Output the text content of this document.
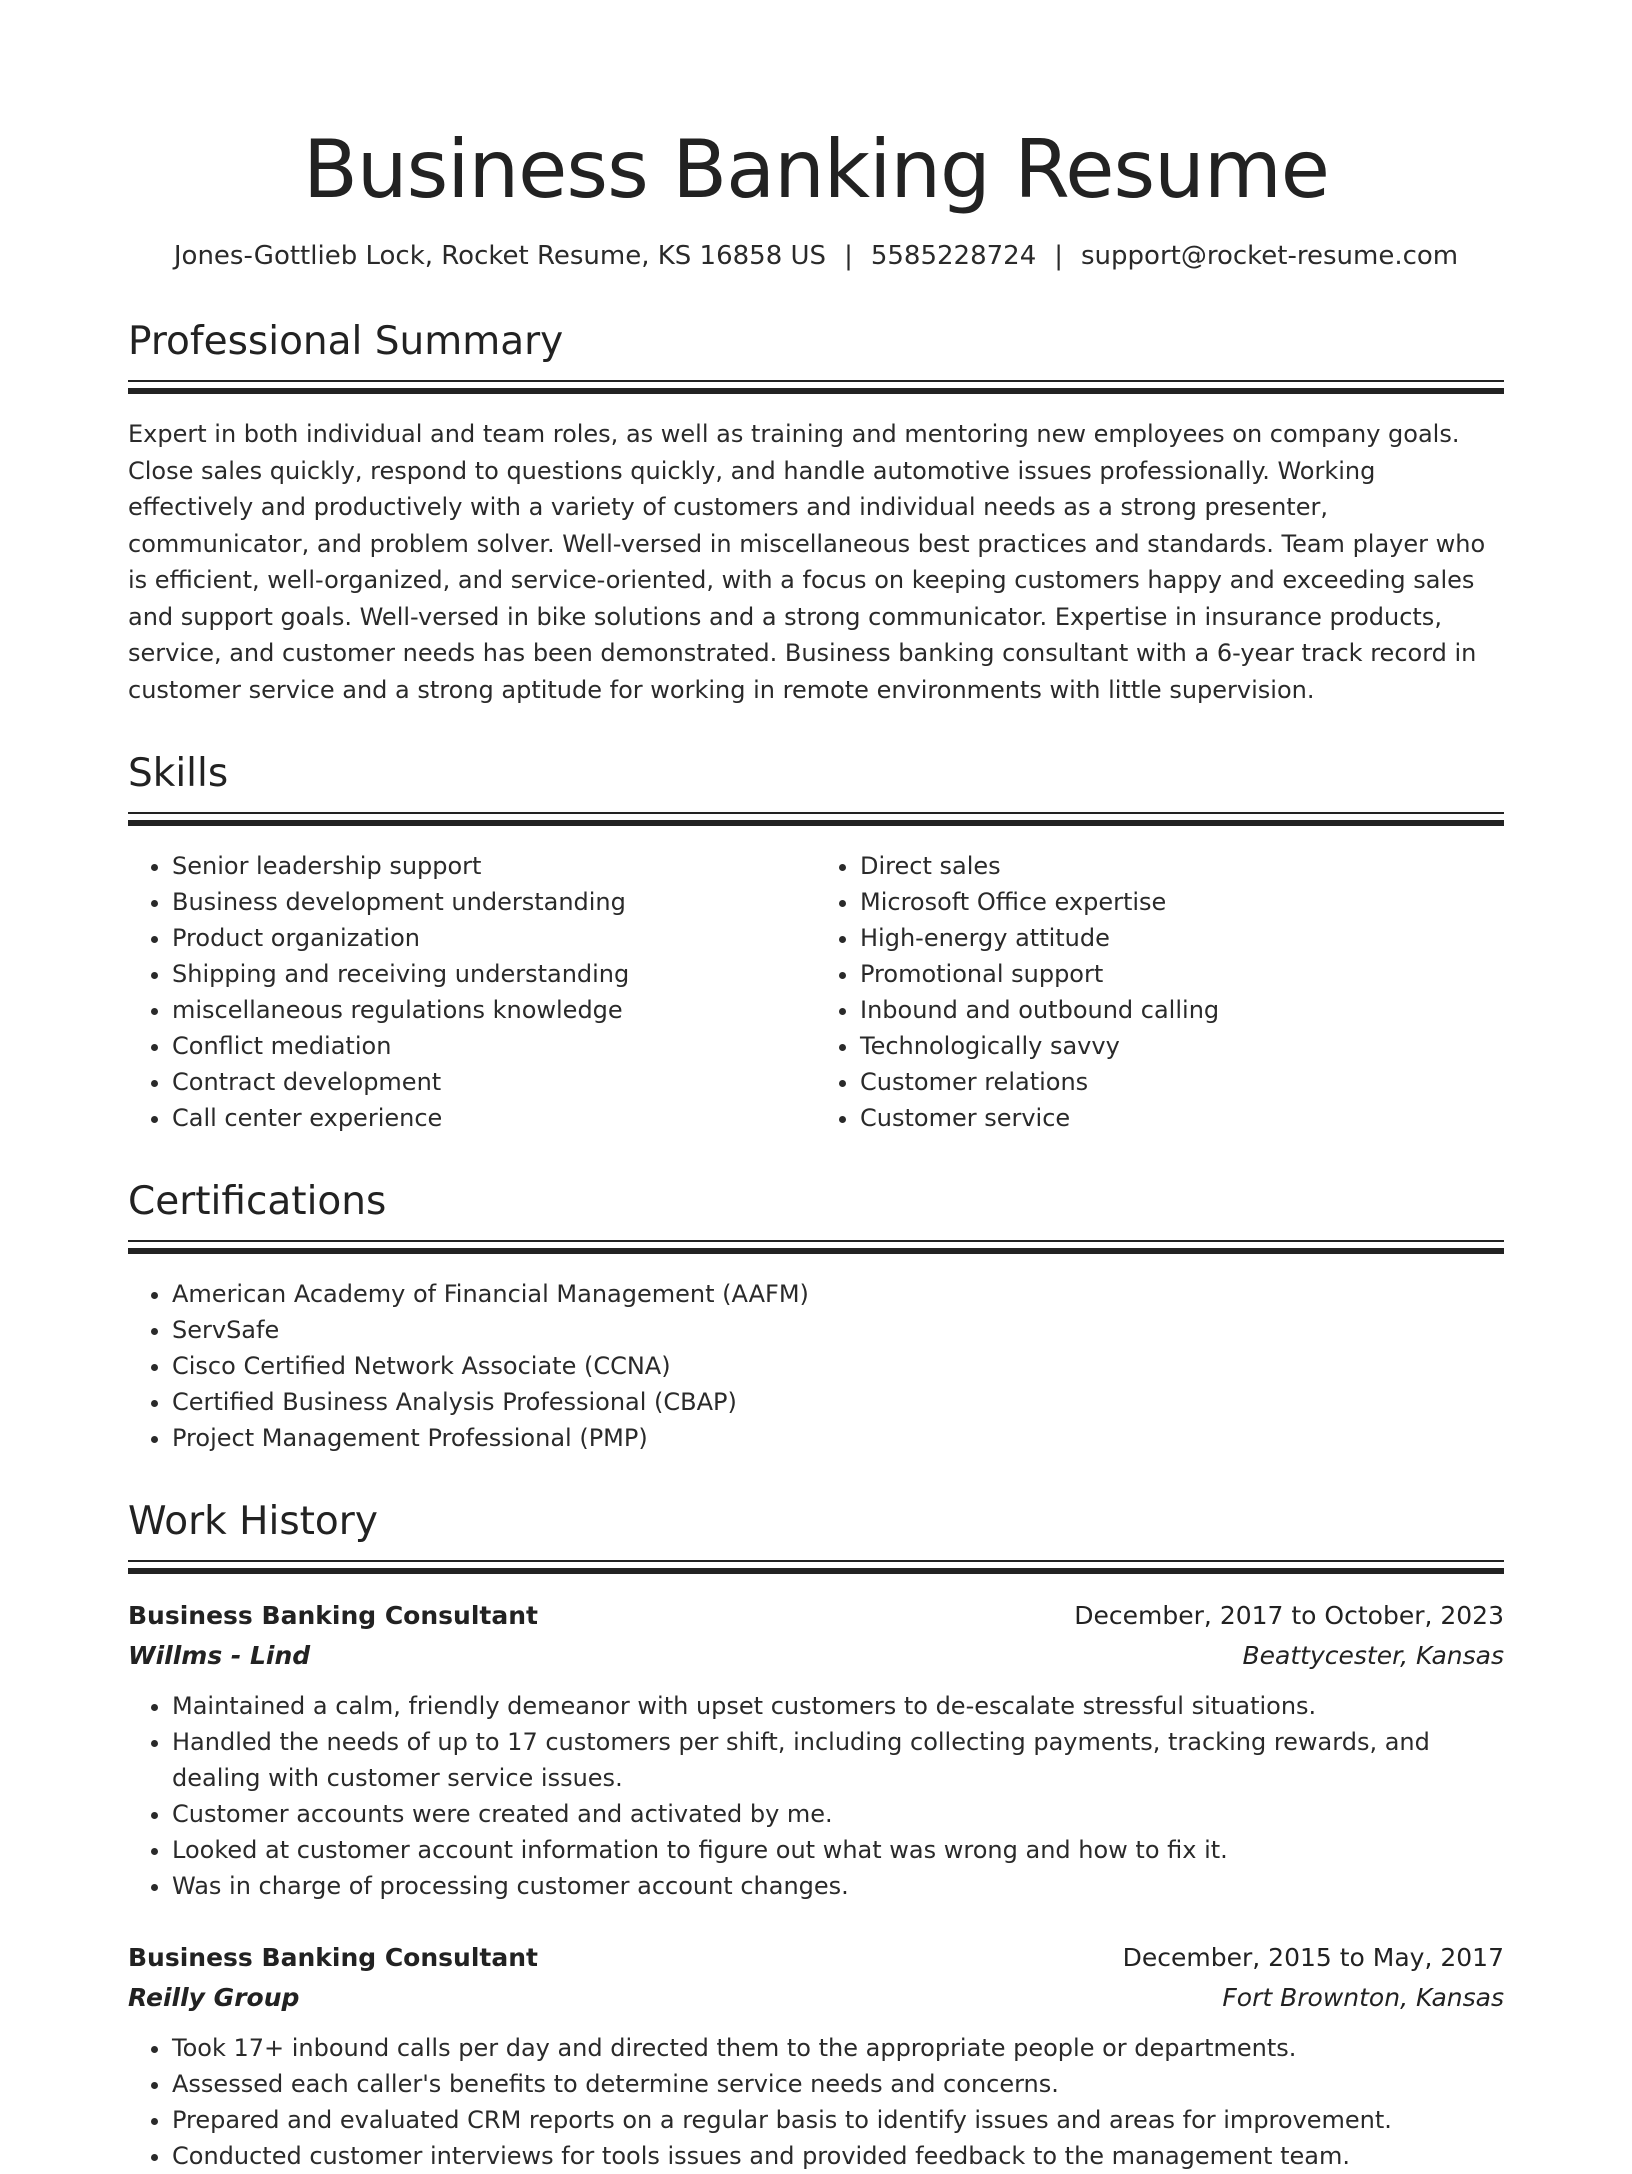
Business Banking Resume
Jones-Gottlieb Lock, Rocket Resume, KS 16858 US | 5585228724 | support@rocket-resume.com
Professional Summary

Expert in both individual and team roles, as well as training and mentoring new employees on company goals. Close sales quickly, respond to questions quickly, and handle automotive issues professionally. Working effectively and productively with a variety of customers and individual needs as a strong presenter, communicator, and problem solver. Well-versed in miscellaneous best practices and standards. Team player who is efficient, well-organized, and service-oriented, with a focus on keeping customers happy and exceeding sales and support goals. Well-versed in bike solutions and a strong communicator. Expertise in insurance products, service, and customer needs has been demonstrated. Business banking consultant with a 6-year track record in customer service and a strong aptitude for working in remote environments with little supervision.

Skills
• Senior leadership support
• Business development understanding
• Product organization
• Shipping and receiving understanding
• miscellaneous regulations knowledge
• Conflict mediation
• Contract development
• Call center experience
• Direct sales
• Microsoft Office expertise
• High-energy attitude
• Promotional support
• Inbound and outbound calling
• Technologically savvy
• Customer relations
• Customer service
Certifications
• American Academy of Financial Management (AAFM)
• ServSafe
• Cisco Certified Network Associate (CCNA)
• Certified Business Analysis Professional (CBAP)
• Project Management Professional (PMP)
Work History
Business Banking Consultant	December, 2017 to October, 2023
Willms - Lind	Beattycester, Kansas
• Maintained a calm, friendly demeanor with upset customers to de-escalate stressful situations.
• Handled the needs of up to 17 customers per shift, including collecting payments, tracking rewards, and dealing with customer service issues.
• Customer accounts were created and activated by me.
• Looked at customer account information to figure out what was wrong and how to fix it.
• Was in charge of processing customer account changes.
Business Banking Consultant	December, 2015 to May, 2017
Reilly Group	Fort Brownton, Kansas
• Took 17+ inbound calls per day and directed them to the appropriate people or departments.
• Assessed each caller's benefits to determine service needs and concerns.
• Prepared and evaluated CRM reports on a regular basis to identify issues and areas for improvement.
• Conducted customer interviews for tools issues and provided feedback to the management team.
